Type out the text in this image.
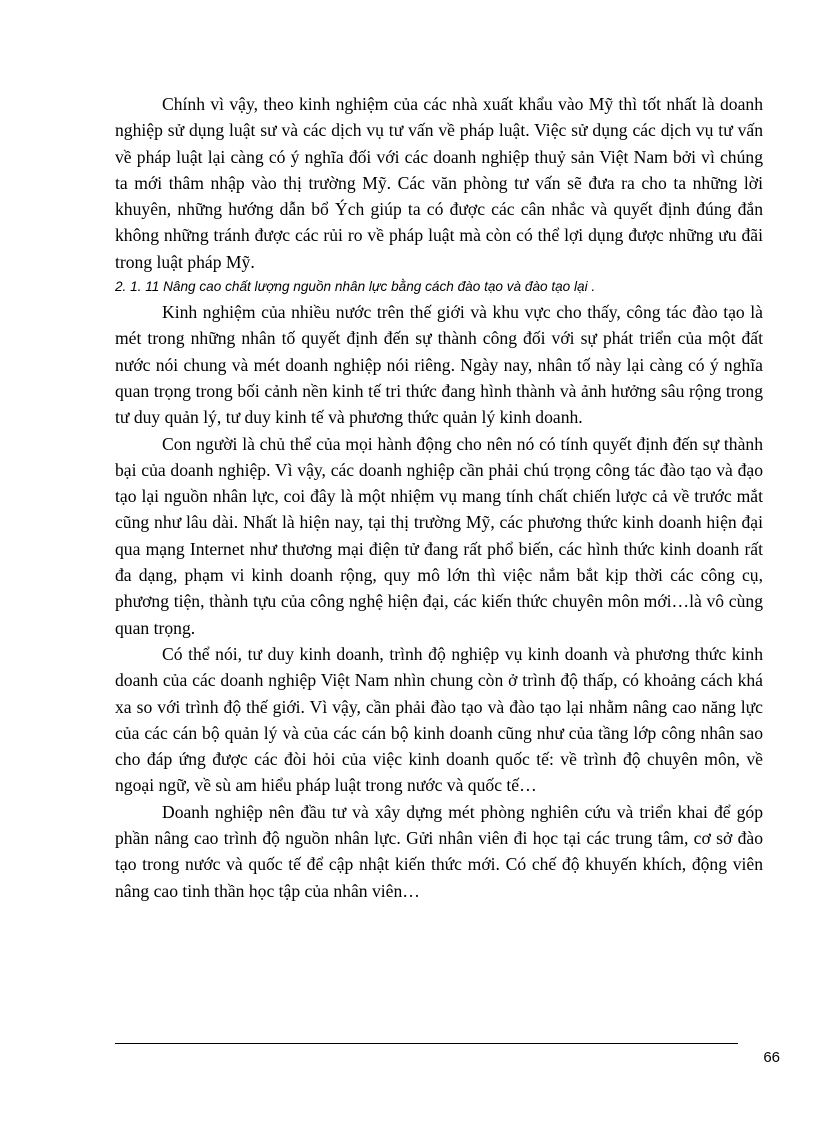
Chính vì vậy, theo kinh nghiệm của các nhà xuất khẩu vào Mỹ thì tốt nhất là doanh nghiệp sử dụng luật sư và các dịch vụ tư vấn về pháp luật. Việc sử dụng các dịch vụ tư vấn về pháp luật lại càng có ý nghĩa đối với các doanh nghiệp thuỷ sản Việt Nam bởi vì chúng ta mới thâm nhập vào thị trường Mỹ. Các văn phòng tư vấn sẽ đưa ra cho ta những lời khuyên, những hướng dẫn bổ Ých giúp ta có được các cân nhắc và quyết định đúng đắn không những tránh được các rủi ro về pháp luật mà còn có thể lợi dụng được những ưu đãi trong luật pháp Mỹ.

2. 1. 11 Nâng cao chất lượng nguồn nhân lực bằng cách đào tạo và đào tạo lại .

Kinh nghiệm của nhiều nước trên thế giới và khu vực cho thấy, công tác đào tạo là mét trong những nhân tố quyết định đến sự thành công đối với sự phát triển của một đất nước nói chung và mét doanh nghiệp nói riêng. Ngày nay, nhân tố này lại càng có ý nghĩa quan trọng trong bối cảnh nền kinh tế tri thức đang hình thành và ảnh hưởng sâu rộng trong tư duy quản lý, tư duy kinh tế và phương thức quản lý kinh doanh.

Con người là chủ thể của mọi hành động cho nên nó có tính quyết định đến sự thành bại của doanh nghiệp. Vì vậy, các doanh nghiệp cần phải chú trọng công tác đào tạo và đạo tạo lại nguồn nhân lực, coi đây là một nhiệm vụ mang tính chất chiến lược cả về trước mắt cũng như lâu dài. Nhất là hiện nay, tại thị trường Mỹ, các phương thức kinh doanh hiện đại qua mạng Internet như thương mại điện tử đang rất phổ biến, các hình thức kinh doanh rất đa dạng, phạm vi kinh doanh rộng, quy mô lớn thì việc nắm bắt kịp thời các công cụ, phương tiện, thành tựu của công nghệ hiện đại, các kiến thức chuyên môn mới…là vô cùng quan trọng.

Có thể nói, tư duy kinh doanh, trình độ nghiệp vụ kinh doanh và phương thức kinh doanh của các doanh nghiệp Việt Nam nhìn chung còn ở trình độ thấp, có khoảng cách khá xa so với trình độ thế giới. Vì vậy, cần phải đào tạo và đào tạo lại nhằm nâng cao năng lực của các cán bộ quản lý và của các cán bộ kinh doanh cũng như của tầng lớp công nhân sao cho đáp ứng được các đòi hỏi của việc kinh doanh quốc tế: về trình độ chuyên môn, về ngoại ngữ, về sù am hiểu pháp luật trong nước và quốc tế…

Doanh nghiệp nên đầu tư và xây dựng mét phòng nghiên cứu và triển khai để góp phần nâng cao trình độ nguồn nhân lực. Gửi nhân viên đi học tại các trung tâm, cơ sở đào tạo trong nước và quốc tế để cập nhật kiến thức mới. Có chế độ khuyến khích, động viên nâng cao tinh thần học tập của nhân viên…

66
